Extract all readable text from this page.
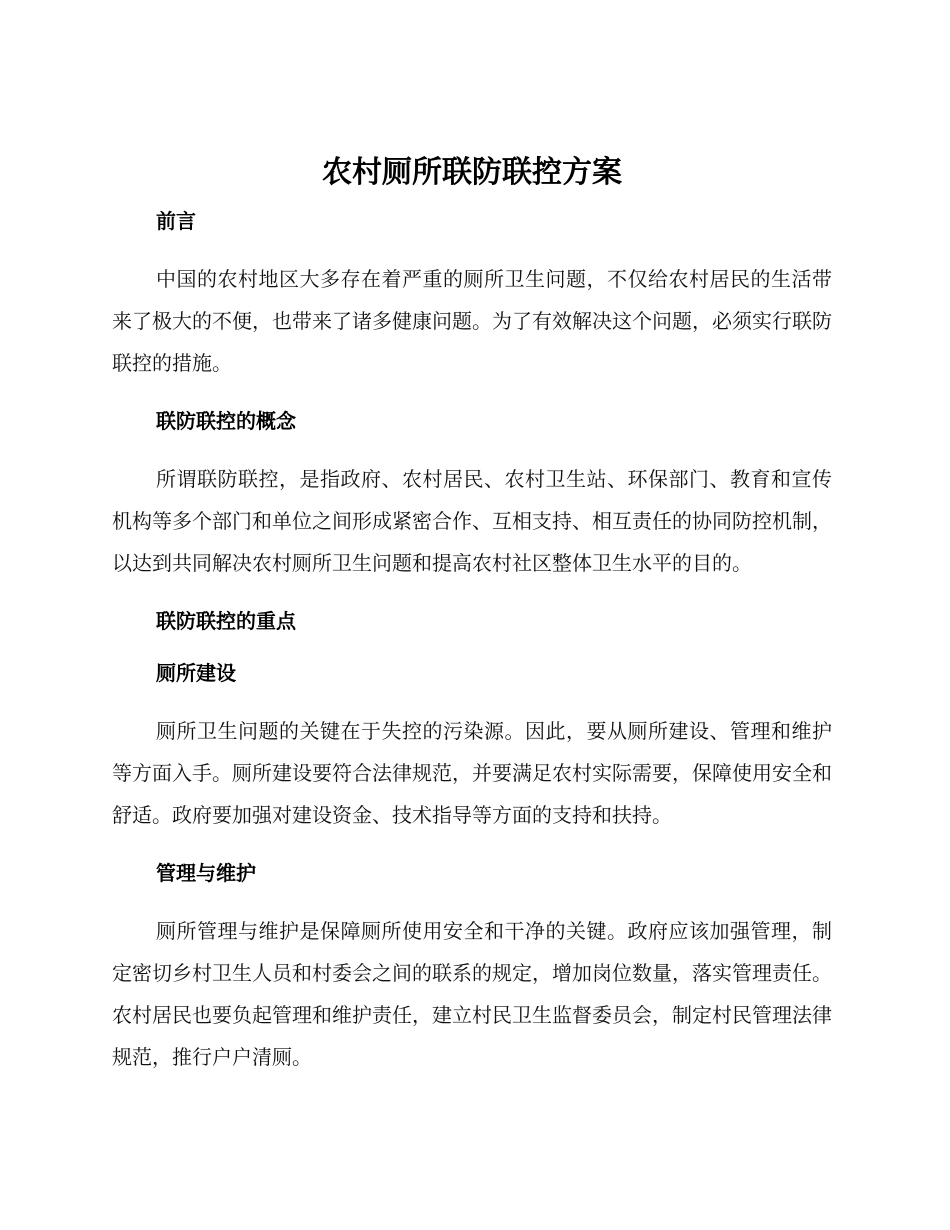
农村厕所联防联控方案
前言

中国的农村地区大多存在着严重的厕所卫生问题，不仅给农村居民的生活带来了极大的不便，也带来了诸多健康问题。为了有效解决这个问题，必须实行联防联控的措施。

联防联控的概念

所谓联防联控，是指政府、农村居民、农村卫生站、环保部门、教育和宣传机构等多个部门和单位之间形成紧密合作、互相支持、相互责任的协同防控机制，以达到共同解决农村厕所卫生问题和提高农村社区整体卫生水平的目的。

联防联控的重点
厕所建设

厕所卫生问题的关键在于失控的污染源。因此，要从厕所建设、管理和维护等方面入手。厕所建设要符合法律规范，并要满足农村实际需要，保障使用安全和舒适。政府要加强对建设资金、技术指导等方面的支持和扶持。

管理与维护

厕所管理与维护是保障厕所使用安全和干净的关键。政府应该加强管理，制定密切乡村卫生人员和村委会之间的联系的规定，增加岗位数量，落实管理责任。农村居民也要负起管理和维护责任，建立村民卫生监督委员会，制定村民管理法律规范，推行户户清厕。
